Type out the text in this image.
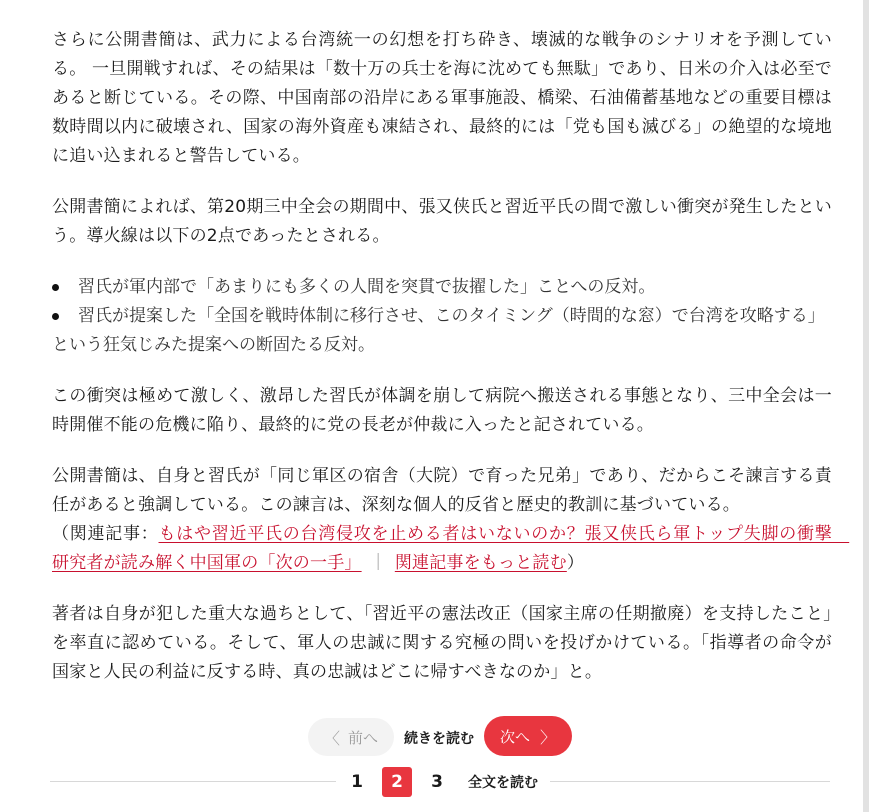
さらに公開書簡は、武力による台湾統一の幻想を打ち砕き、壊滅的な戦争のシナリオを予測している。 一旦開戦すれば、その結果は「数十万の兵士を海に沈めても無駄」であり、日米の介入は必至であると断じている。その際、中国南部の沿岸にある軍事施設、橋梁、石油備蓄基地などの重要目標は数時間以内に破壊され、国家の海外資産も凍結され、最終的には「党も国も滅びる」の絶望的な境地に追い込まれると警告している。

公開書簡によれば、第20期三中全会の期間中、張又侠氏と習近平氏の間で激しい衝突が発生したという。導火線は以下の2点であったとされる。

習氏が軍内部で「あまりにも多くの人間を突貫で抜擢した」ことへの反対。
習氏が提案した「全国を戦時体制に移行させ、このタイミング（時間的な窓）で台湾を攻略する」という狂気じみた提案への断固たる反対。

この衝突は極めて激しく、激昂した習氏が体調を崩して病院へ搬送される事態となり、三中全会は一時開催不能の危機に陥り、最終的に党の長老が仲裁に入ったと記されている。

公開書簡は、自身と習氏が「同じ軍区の宿舎（大院）で育った兄弟」であり、だからこそ諫言する責任があると強調している。この諫言は、深刻な個人的反省と歴史的教訓に基づいている。
（関連記事：もはや習近平氏の台湾侵攻を止める者はいないのか？張又侠氏ら軍トップ失脚の衝撃　研究者が読み解く中国軍の「次の一手」 ｜ 関連記事をもっと読む）

著者は自身が犯した重大な過ちとして、「習近平の憲法改正（国家主席の任期撤廃）を支持したこと」を率直に認めている。そして、軍人の忠誠に関する究極の問いを投げかけている。「指導者の命令が国家と人民の利益に反する時、真の忠誠はどこに帰すべきなのか」と。

〈 前へ 続きを読む 次へ 〉
1	2	3	全文を読む
